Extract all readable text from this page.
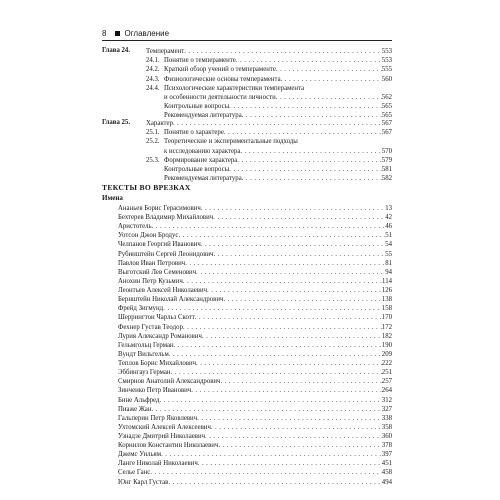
8 Оглавление
Глава 24. Темперамент . . .	553
24.1. Понятие о темпераменте . . .	553
24.2. Краткий обзор учений о темпераменте . . .	555
24.3. Физиологические основы темперамента . . .	560
24.4. Психологические характеристики темперамента
и особенности деятельности личности . . .	562
Контрольные вопросы . . .	565
Рекомендуемая литература . . .	565
Глава 25. Характер . . .	567
25.1. Понятие о характере . . .	567
25.2. Теоретические и экспериментальные подходы
к исследованию характера . . .	570
25.3. Формирование характера . . .	579
Контрольные вопросы . . .	581
Рекомендуемая литература . . .	582
ТЕКСТЫ ВО ВРЕЗКАХ
Имена
Ананьев Борис Герасимович . . .	13
Бехтерев Владимир Михайлович . . .	42
Аристотель . . .	46
Уотсон Джон Бродус . . .	51
Челпанов Георгий Иванович . . .	54
Рубинштейн Сергей Леонидович . . .	55
Павлов Иван Петрович . . .	81
Выготский Лев Семенович . . .	94
Анохин Петр Кузьмич . . .	114
Леонтьев Алексей Николаевич . . .	126
Бернштейн Николай Александрович . . .	138
Фрейд Зигмунд . . .	158
Шеррингтон Чарльз Скотт . . .	170
Фехнер Густав Теодор . . .	172
Лурия Александр Романович . . .	182
Гельмгольц Герман . . .	190
Вундт Вильгельм . . .	209
Теплов Борис Михайлович . . .	222
Эббингауз Герман . . .	251
Смирнов Анатолий Александрович . . .	257
Зинченко Петр Иванович . . .	264
Бине Альфред . . .	312
Пиаже Жан . . .	327
Гальперин Петр Яковлевич . . .	338
Ухтомский Алексей Алексеевич . . .	358
Узнадзе Дмитрий Николаевич . . .	360
Корнилов Константин Николаевич . . .	378
Джемс Уильям . . .	397
Ланге Николай Николаевич . . .	451
Селье Ганс . . .	458
Юнг Карл Густав . . .	494
